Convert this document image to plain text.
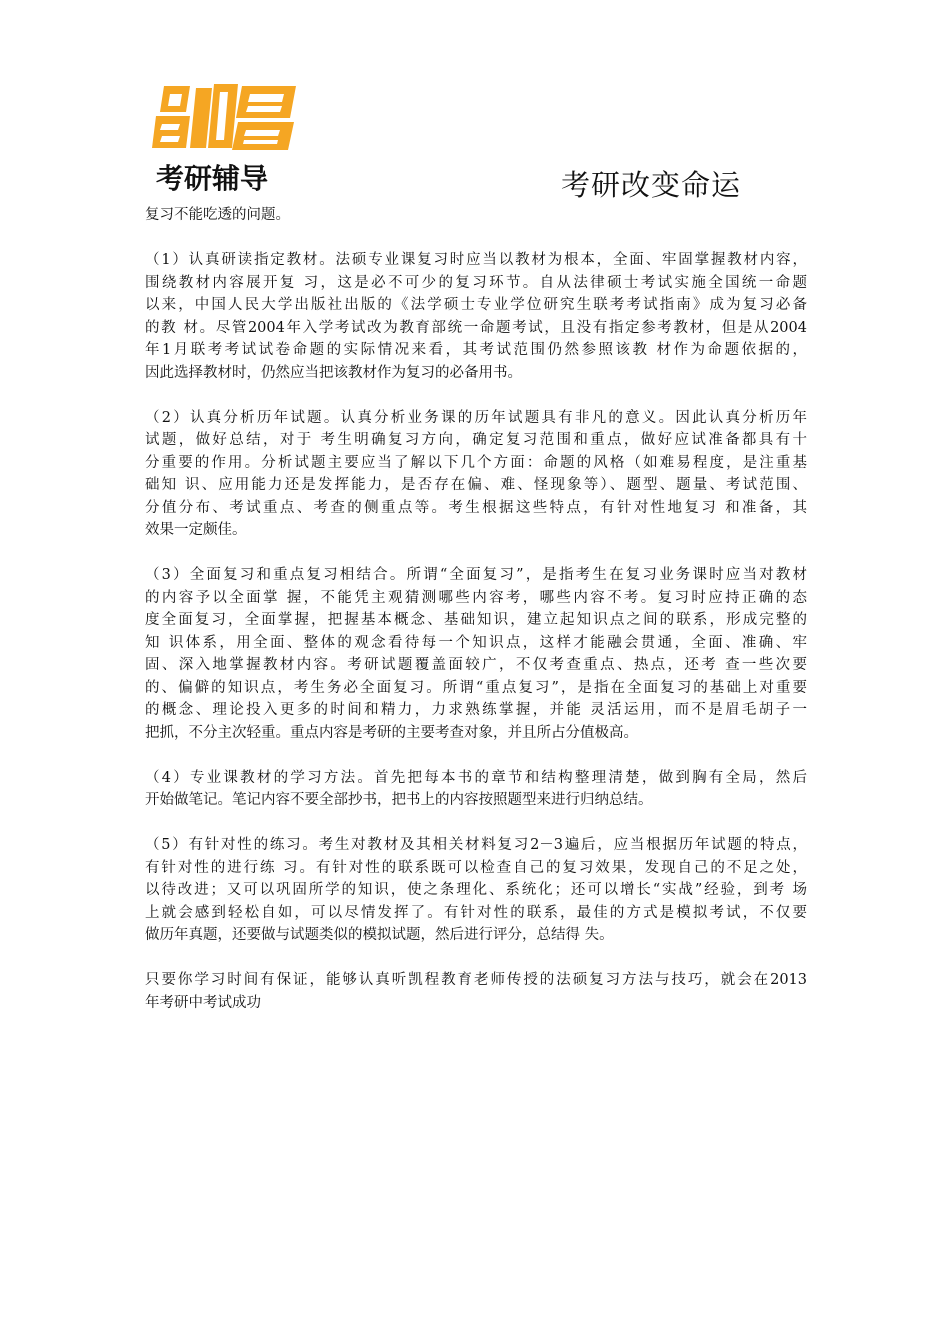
考研辅导	考研改变命运
复习不能吃透的问题。
（1）认真研读指定教材。法硕专业课复习时应当以教材为根本，全面、牢固掌握教材内容，
围绕教材内容展开复 习，这是必不可少的复习环节。自从法律硕士考试实施全国统一命题
以来，中国人民大学出版社出版的《法学硕士专业学位研究生联考考试指南》成为复习必备
的教 材。尽管2004年入学考试改为教育部统一命题考试，且没有指定参考教材，但是从2004
年1月联考考试试卷命题的实际情况来看，其考试范围仍然参照该教 材作为命题依据的，
因此选择教材时，仍然应当把该教材作为复习的必备用书。
（2）认真分析历年试题。认真分析业务课的历年试题具有非凡的意义。因此认真分析历年
试题，做好总结，对于 考生明确复习方向，确定复习范围和重点，做好应试准备都具有十
分重要的作用。分析试题主要应当了解以下几个方面：命题的风格（如难易程度，是注重基
础知 识、应用能力还是发挥能力，是否存在偏、难、怪现象等）、题型、题量、考试范围、
分值分布、考试重点、考查的侧重点等。考生根据这些特点，有针对性地复习 和准备，其
效果一定颇佳。
（3）全面复习和重点复习相结合。所谓“全面复习”，是指考生在复习业务课时应当对教材
的内容予以全面掌 握，不能凭主观猜测哪些内容考，哪些内容不考。复习时应持正确的态
度全面复习，全面掌握，把握基本概念、基础知识，建立起知识点之间的联系，形成完整的
知 识体系，用全面、整体的观念看待每一个知识点，这样才能融会贯通，全面、准确、牢
固、深入地掌握教材内容。考研试题覆盖面较广，不仅考查重点、热点，还考 查一些次要
的、偏僻的知识点，考生务必全面复习。所谓“重点复习”，是指在全面复习的基础上对重要
的概念、理论投入更多的时间和精力，力求熟练掌握，并能 灵活运用，而不是眉毛胡子一
把抓，不分主次轻重。重点内容是考研的主要考查对象，并且所占分值极高。
（4）专业课教材的学习方法。首先把每本书的章节和结构整理清楚，做到胸有全局，然后
开始做笔记。笔记内容不要全部抄书，把书上的内容按照题型来进行归纳总结。
（5）有针对性的练习。考生对教材及其相关材料复习2－3遍后，应当根据历年试题的特点，
有针对性的进行练 习。有针对性的联系既可以检查自己的复习效果，发现自己的不足之处，
以待改进；又可以巩固所学的知识，使之条理化、系统化；还可以增长“实战”经验，到考 场
上就会感到轻松自如，可以尽情发挥了。有针对性的联系，最佳的方式是模拟考试，不仅要
做历年真题，还要做与试题类似的模拟试题，然后进行评分，总结得 失。
只要你学习时间有保证，能够认真听凯程教育老师传授的法硕复习方法与技巧，就会在2013
年考研中考试成功
